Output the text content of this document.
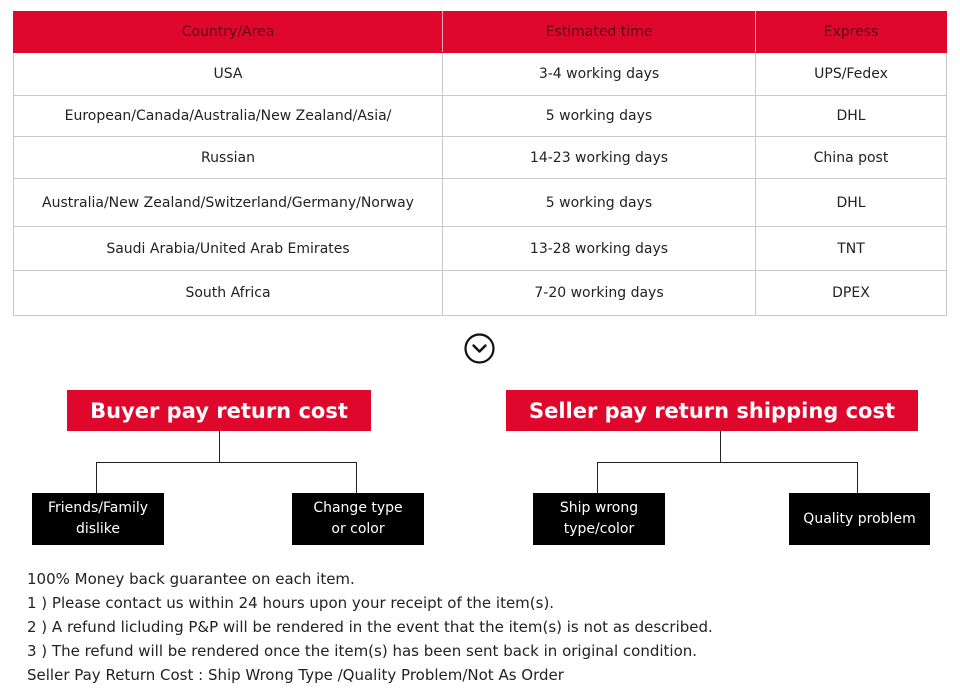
Country/Area	Estimated time	Express
USA	3-4 working days	UPS/Fedex
European/Canada/Australia/New Zealand/Asia/	5 working days	DHL
Russian	14-23 working days	China post
Australia/New Zealand/Switzerland/Germany/Norway	5 working days	DHL
Saudi Arabia/United Arab Emirates	13-28 working days	TNT
South Africa	7-20 working days	DPEX
Buyer pay return cost
Friends/Family dislike
Change type or color
Seller pay return shipping cost
Ship wrong type/color
Quality problem

100% Money back guarantee on each item.

1 ) Please contact us within 24 hours upon your receipt of the item(s).

2 ) A refund licluding P&P will be rendered in the event that the item(s) is not as described.

3 ) The refund will be rendered once the item(s) has been sent back in original condition.

Seller Pay Return Cost : Ship Wrong Type /Quality Problem/Not As Order
